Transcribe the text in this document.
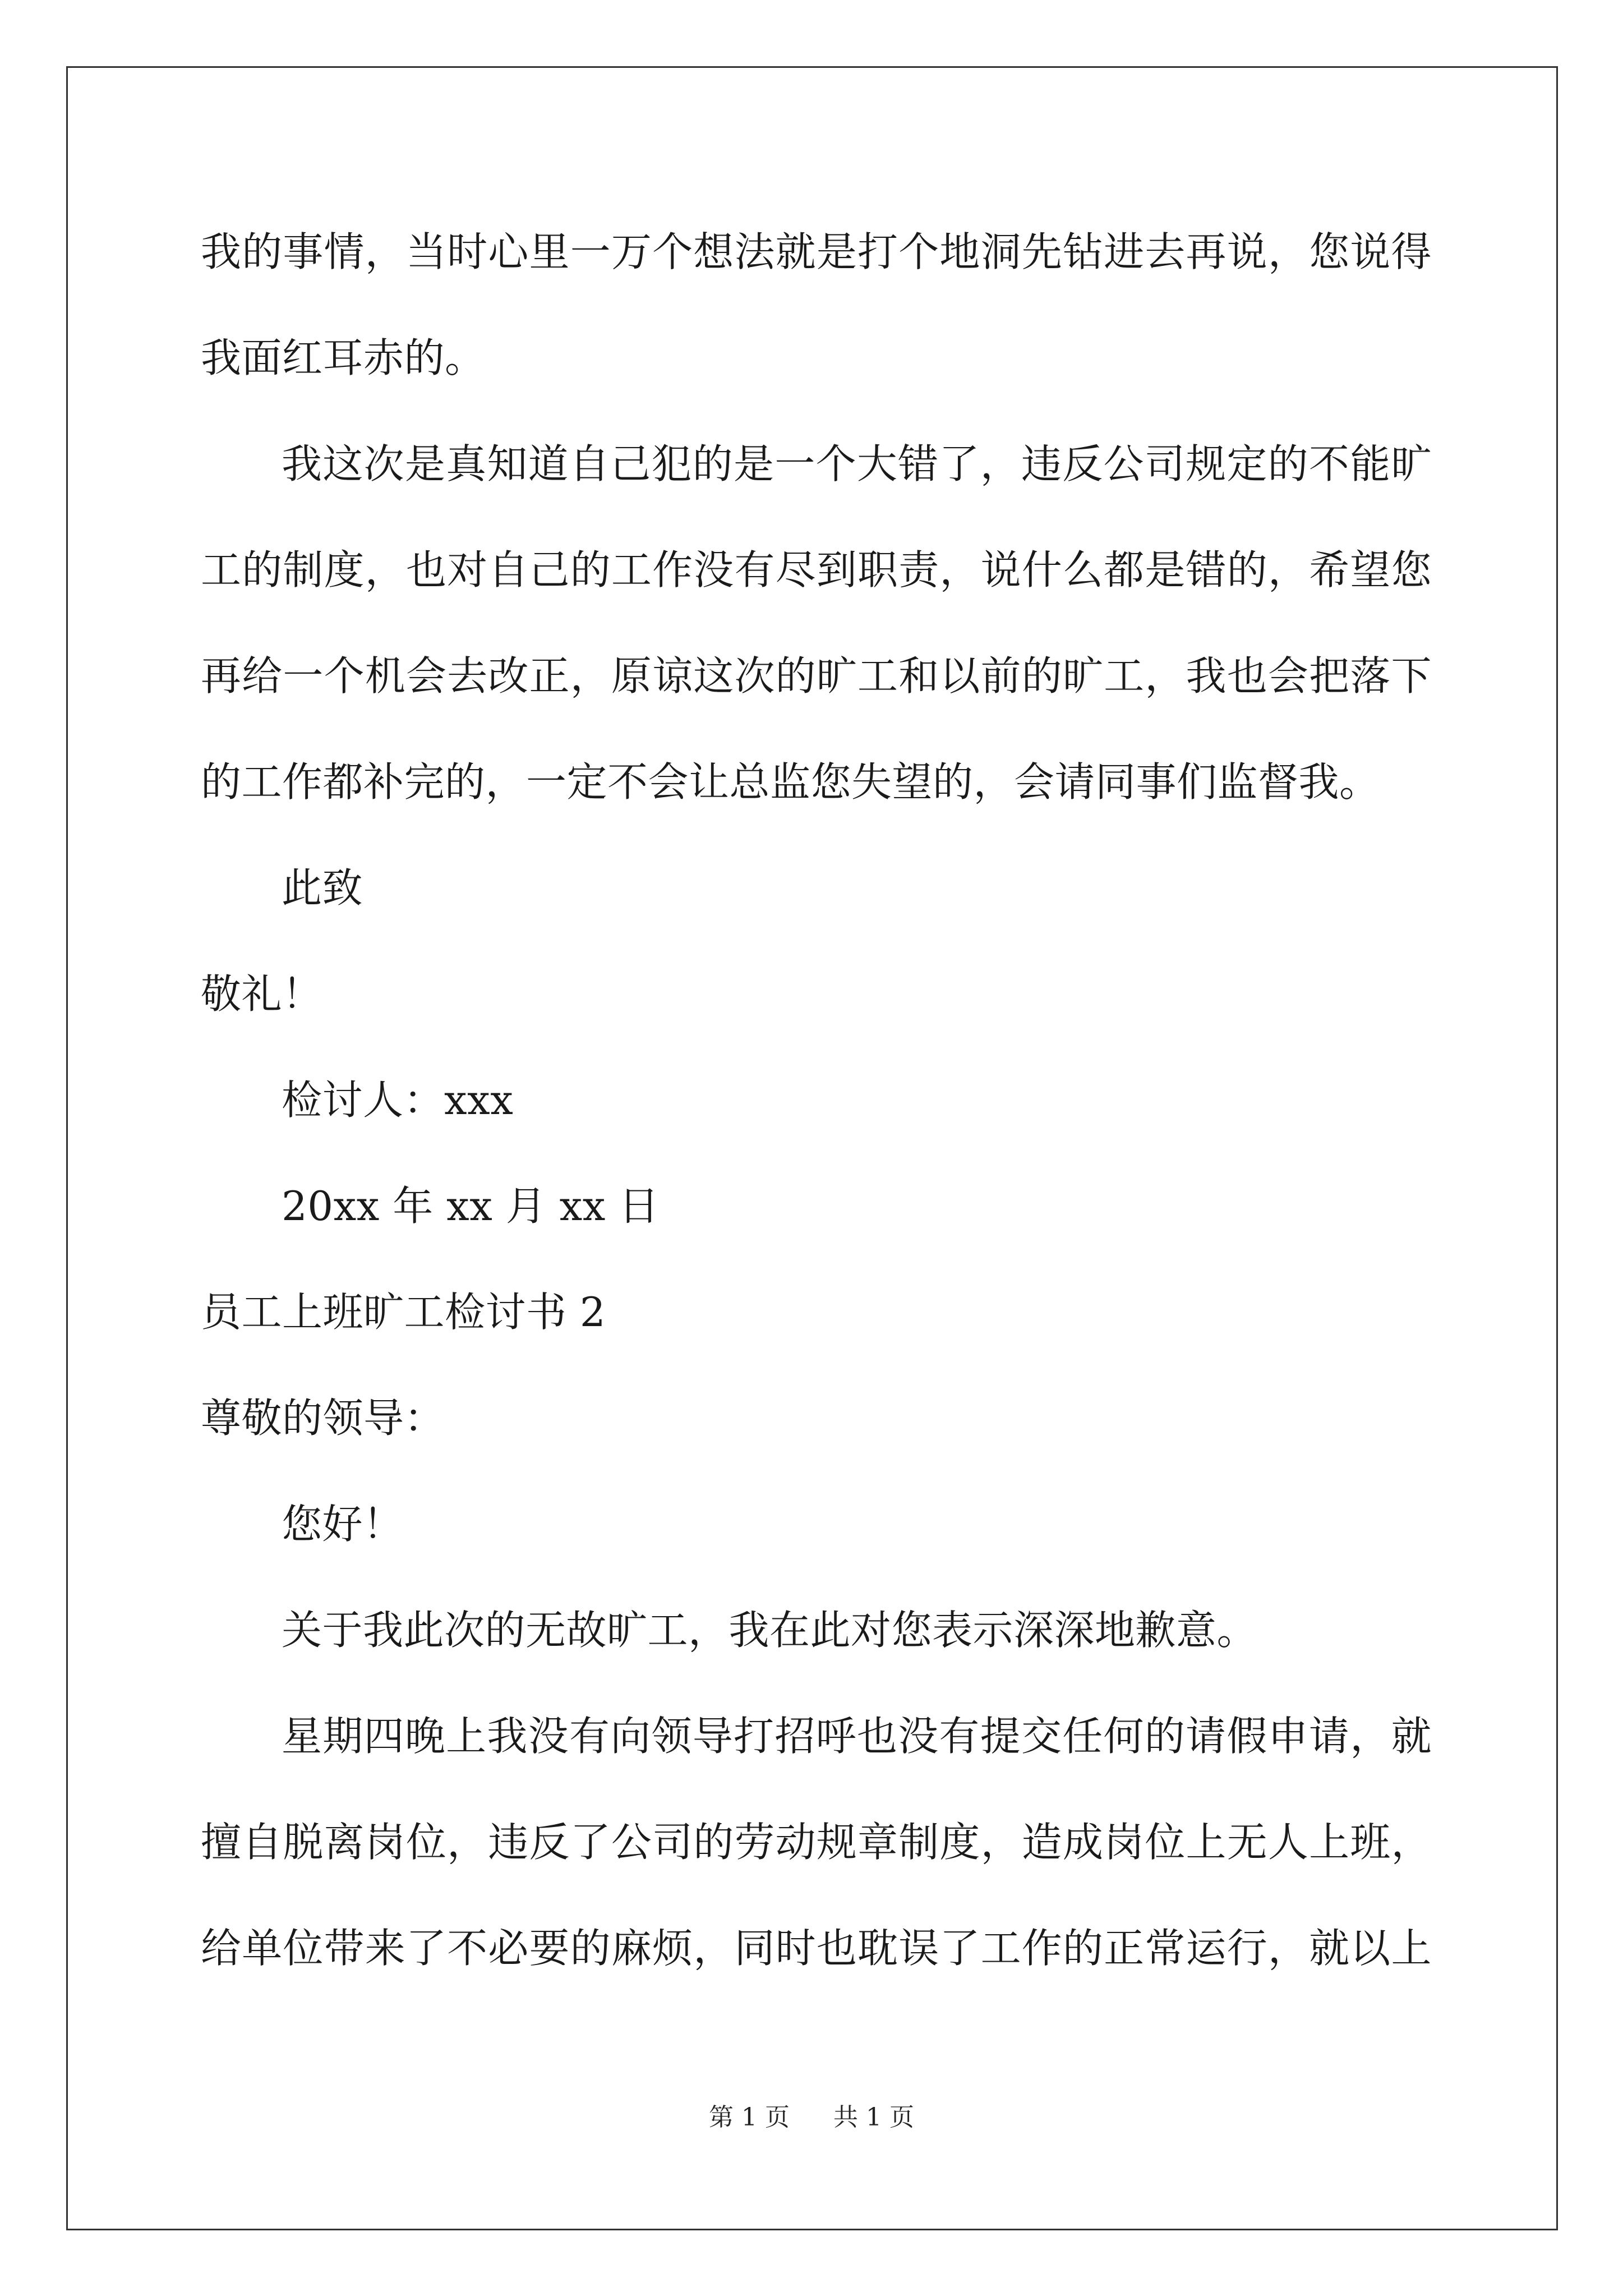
我的事情，当时心里一万个想法就是打个地洞先钻进去再说，您说得
我面红耳赤的。
我这次是真知道自己犯的是一个大错了，违反公司规定的不能旷
工的制度，也对自己的工作没有尽到职责，说什么都是错的，希望您
再给一个机会去改正，原谅这次的旷工和以前的旷工，我也会把落下
的工作都补完的，一定不会让总监您失望的，会请同事们监督我。
此致
敬礼！
检讨人：xxx
20xx 年 xx 月 xx 日
员工上班旷工检讨书 2
尊敬的领导：
您好！
关于我此次的无故旷工，我在此对您表示深深地歉意。
星期四晚上我没有向领导打招呼也没有提交任何的请假申请，就
擅自脱离岗位，违反了公司的劳动规章制度，造成岗位上无人上班，
给单位带来了不必要的麻烦，同时也耽误了工作的正常运行，就以上
第 1 页 共 1 页
